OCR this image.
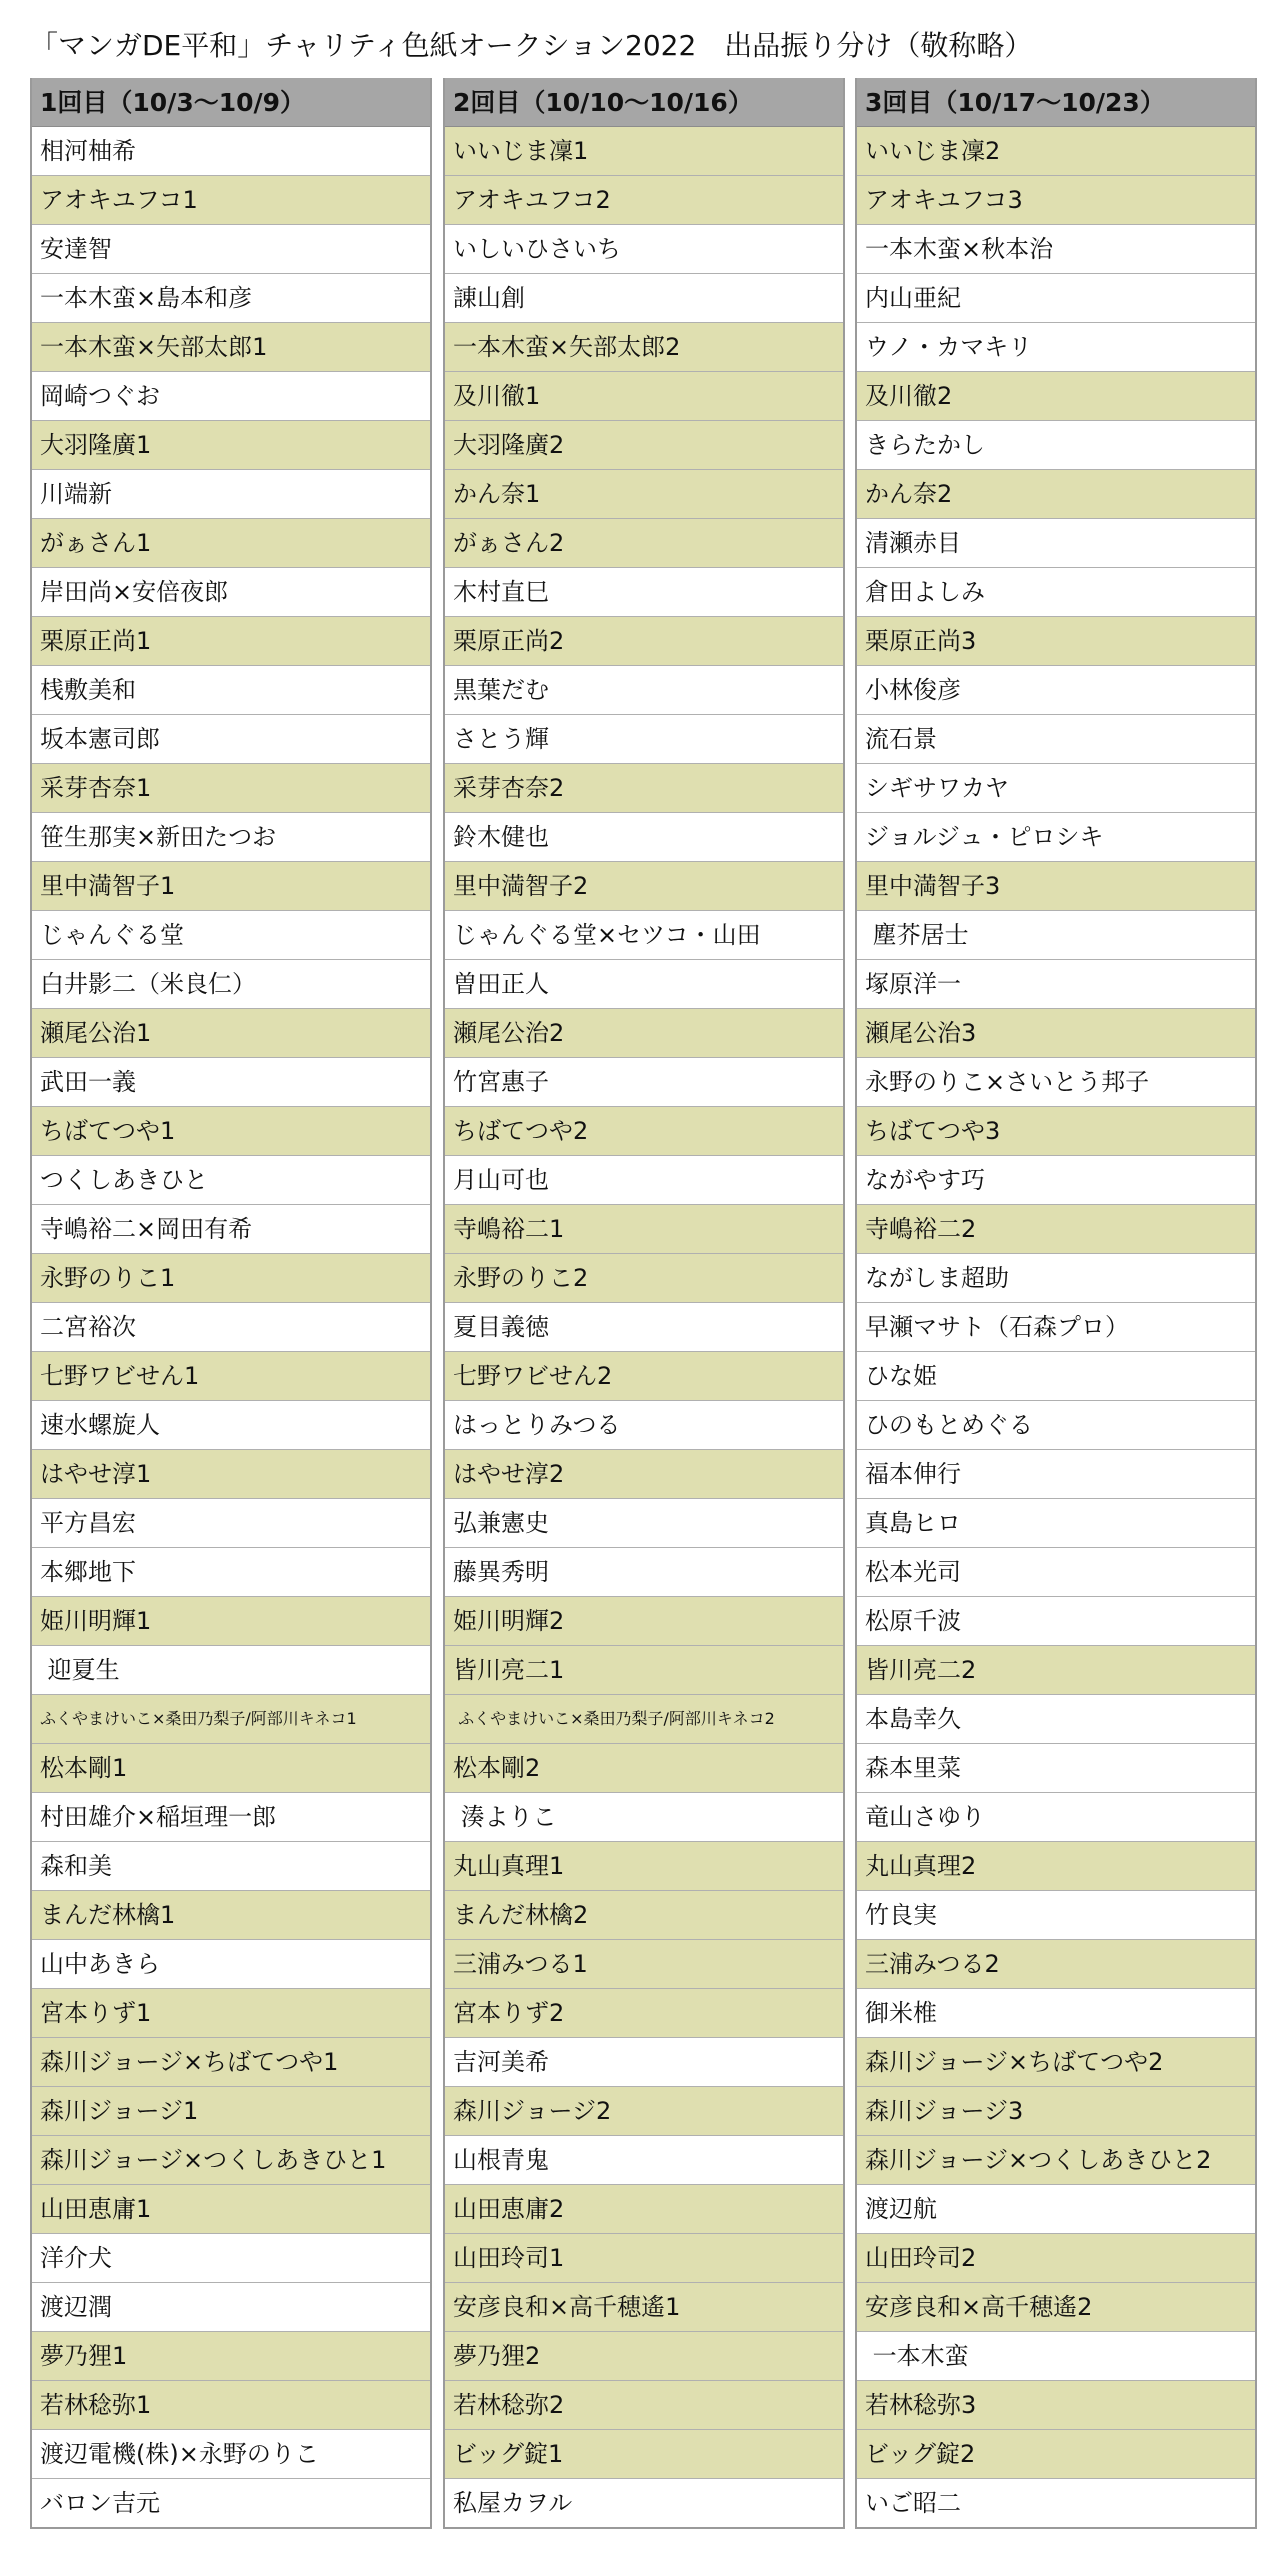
「マンガDE平和」チャリティ色紙オークション2022　出品振り分け（敬称略）
1回目（10/3〜10/9）
相河柚希
アオキユフコ1
安達智
一本木蛮×島本和彦
一本木蛮×矢部太郎1
岡崎つぐお
大羽隆廣1
川端新
がぁさん1
岸田尚×安倍夜郎
栗原正尚1
桟敷美和
坂本憲司郎
采芽杏奈1
笹生那実×新田たつお
里中満智子1
じゃんぐる堂
白井影二（米良仁）
瀬尾公治1
武田一義
ちばてつや1
つくしあきひと
寺嶋裕二×岡田有希
永野のりこ1
二宮裕次
七野ワビせん1
速水螺旋人
はやせ淳1
平方昌宏
本郷地下
姫川明輝1
迎夏生
ふくやまけいこ×桑田乃梨子/阿部川キネコ1
松本剛1
村田雄介×稲垣理一郎
森和美
まんだ林檎1
山中あきら
宮本りず1
森川ジョージ×ちばてつや1
森川ジョージ1
森川ジョージ×つくしあきひと1
山田恵庸1
洋介犬
渡辺潤
夢乃狸1
若林稔弥1
渡辺電機(株)×永野のりこ
バロン吉元
2回目（10/10〜10/16）
いいじま凜1
アオキユフコ2
いしいひさいち
諌山創
一本木蛮×矢部太郎2
及川徹1
大羽隆廣2
かん奈1
がぁさん2
木村直巳
栗原正尚2
黒葉だむ
さとう輝
采芽杏奈2
鈴木健也
里中満智子2
じゃんぐる堂×セツコ・山田
曽田正人
瀬尾公治2
竹宮惠子
ちばてつや2
月山可也
寺嶋裕二1
永野のりこ2
夏目義徳
七野ワビせん2
はっとりみつる
はやせ淳2
弘兼憲史
藤異秀明
姫川明輝2
皆川亮二1
ふくやまけいこ×桑田乃梨子/阿部川キネコ2
松本剛2
湊よりこ
丸山真理1
まんだ林檎2
三浦みつる1
宮本りず2
吉河美希
森川ジョージ2
山根青鬼
山田恵庸2
山田玲司1
安彦良和×高千穂遙1
夢乃狸2
若林稔弥2
ビッグ錠1
私屋カヲル
3回目（10/17〜10/23）
いいじま凜2
アオキユフコ3
一本木蛮×秋本治
内山亜紀
ウノ・カマキリ
及川徹2
きらたかし
かん奈2
清瀬赤目
倉田よしみ
栗原正尚3
小林俊彦
流石景
シギサワカヤ
ジョルジュ・ピロシキ
里中満智子3
塵芥居士
塚原洋一
瀬尾公治3
永野のりこ×さいとう邦子
ちばてつや3
ながやす巧
寺嶋裕二2
ながしま超助
早瀬マサト（石森プロ）
ひな姫
ひのもとめぐる
福本伸行
真島ヒロ
松本光司
松原千波
皆川亮二2
本島幸久
森本里菜
竜山さゆり
丸山真理2
竹良実
三浦みつる2
御米椎
森川ジョージ×ちばてつや2
森川ジョージ3
森川ジョージ×つくしあきひと2
渡辺航
山田玲司2
安彦良和×高千穂遙2
一本木蛮
若林稔弥3
ビッグ錠2
いご昭二
